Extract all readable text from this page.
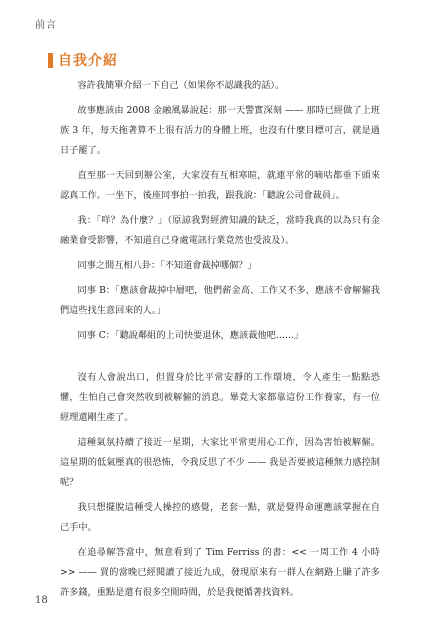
前言
自我介紹

容許我簡單介紹一下自己（如果你不認識我的話）。

故事應該由 2008 金融風暴說起：那一天警實深刻 —— 那時已經做了上班族 3 年，每天拖著算不上很有活力的身體上班，也沒有什麼目標可言，就是過日子罷了。

直至那一天回到辦公室，大家沒有互相寒暄，就連平常的嘀咕都垂下頭來認真工作。一坐下，後座同事拍一拍我，跟我說：「聽說公司會裁員」。

我：「咩？為什麼？」（原諒我對經濟知識的缺乏，當時我真的以為只有金融業會受影響，不知道自己身處電訊行業竟然也受波及）。

同事之間互相八卦：「不知道會裁掉哪個？」

同事 B：「應該會裁掉中層吧，他們薪金高、工作又不多，應該不會解僱我們這些找生意回來的人。」

同事 C：「聽說鄰組的上司快要退休，應該裁他吧……」

沒有人會說出口，但置身於比平常安靜的工作環境，令人產生一點點恐懼，生怕自己會突然收到被解僱的消息。畢竟大家都靠這份工作養家，有一位經理還剛生產了。

這種氣氛持續了接近一星期，大家比平常更用心工作，因為害怕被解僱。這星期的低氣壓真的很恐怖，令我反思了不少 —— 我是否要被這種無力感控制呢？

我只想擺脫這種受人操控的感覺，老套一點，就是覺得命運應該掌握在自己手中。

在追尋解答當中，無意看到了 Tim Ferriss 的書：<< 一周工作 4 小時 >> —— 買的當晚已經閱讀了接近九成，發現原來有一群人在網路上賺了許多許多錢，重點是還有很多空閒時間，於是我便循著找資料。

18
